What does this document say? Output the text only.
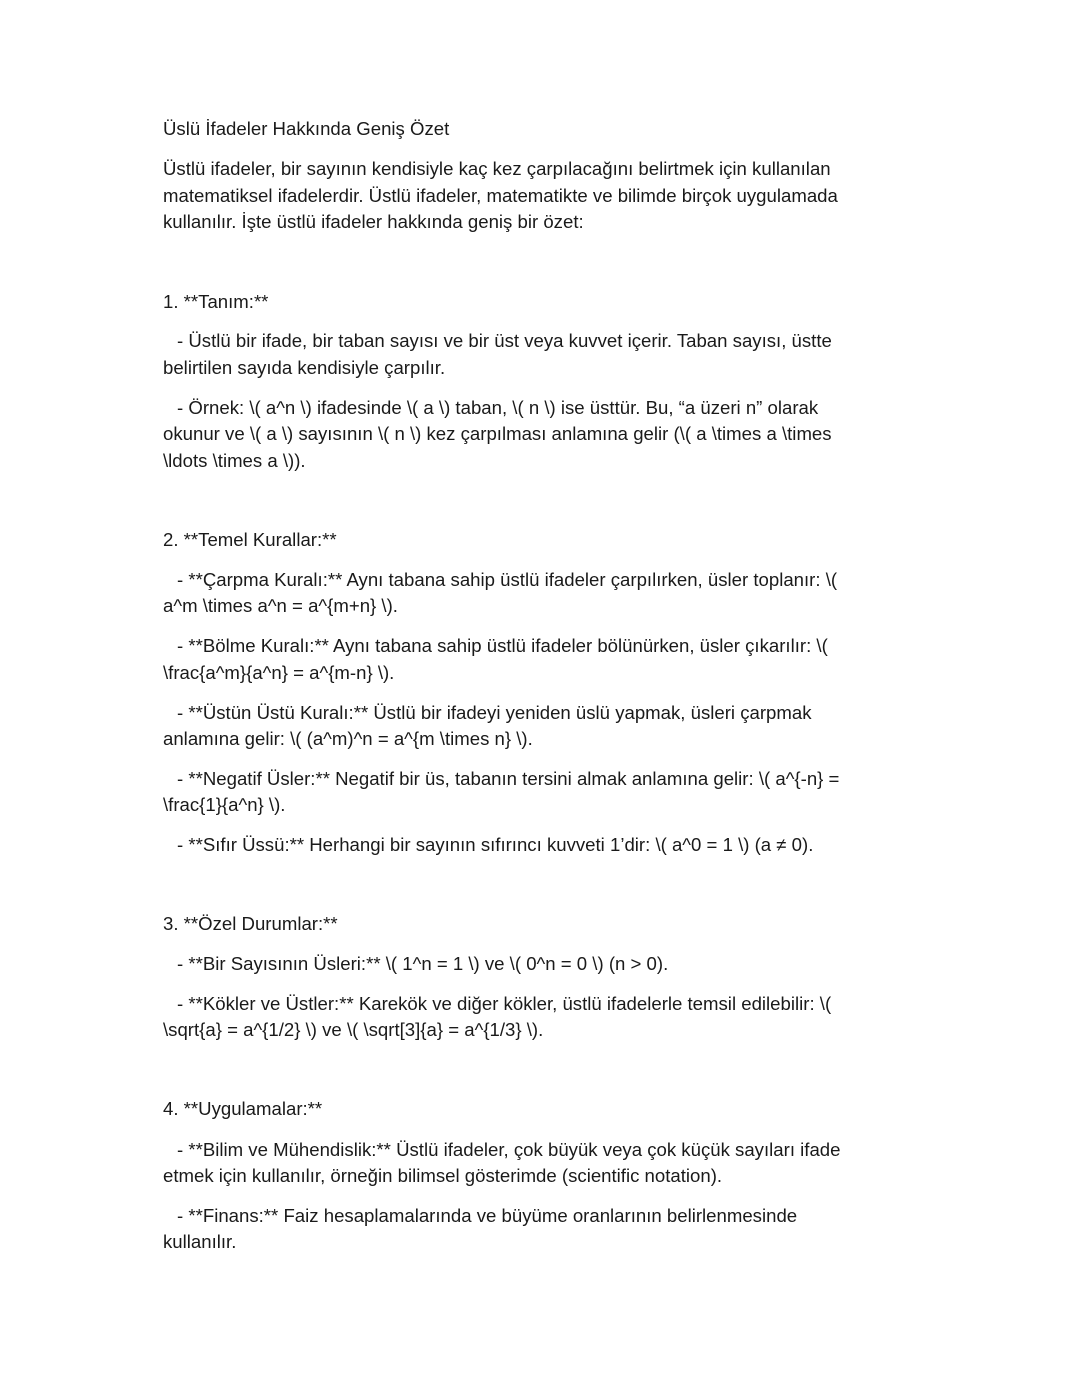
Üslü İfadeler Hakkında Geniş Özet
Üstlü ifadeler, bir sayının kendisiyle kaç kez çarpılacağını belirtmek için kullanılan
matematiksel ifadelerdir. Üstlü ifadeler, matematikte ve bilimde birçok uygulamada
kullanılır. İşte üstlü ifadeler hakkında geniş bir özet:
1. **Tanım:**
- Üstlü bir ifade, bir taban sayısı ve bir üst veya kuvvet içerir. Taban sayısı, üstte
belirtilen sayıda kendisiyle çarpılır.
- Örnek: \( a^n \) ifadesinde \( a \) taban, \( n \) ise üsttür. Bu, “a üzeri n” olarak
okunur ve \( a \) sayısının \( n \) kez çarpılması anlamına gelir (\( a \times a \times
\ldots \times a \)).
2. **Temel Kurallar:**
- **Çarpma Kuralı:** Aynı tabana sahip üstlü ifadeler çarpılırken, üsler toplanır: \(
a^m \times a^n = a^{m+n} \).
- **Bölme Kuralı:** Aynı tabana sahip üstlü ifadeler bölünürken, üsler çıkarılır: \(
\frac{a^m}{a^n} = a^{m-n} \).
- **Üstün Üstü Kuralı:** Üstlü bir ifadeyi yeniden üslü yapmak, üsleri çarpmak
anlamına gelir: \( (a^m)^n = a^{m \times n} \).
- **Negatif Üsler:** Negatif bir üs, tabanın tersini almak anlamına gelir: \( a^{-n} =
\frac{1}{a^n} \).
- **Sıfır Üssü:** Herhangi bir sayının sıfırıncı kuvveti 1’dir: \( a^0 = 1 \) (a ≠ 0).
3. **Özel Durumlar:**
- **Bir Sayısının Üsleri:** \( 1^n = 1 \) ve \( 0^n = 0 \) (n > 0).
- **Kökler ve Üstler:** Karekök ve diğer kökler, üstlü ifadelerle temsil edilebilir: \(
\sqrt{a} = a^{1/2} \) ve \( \sqrt[3]{a} = a^{1/3} \).
4. **Uygulamalar:**
- **Bilim ve Mühendislik:** Üstlü ifadeler, çok büyük veya çok küçük sayıları ifade
etmek için kullanılır, örneğin bilimsel gösterimde (scientific notation).
- **Finans:** Faiz hesaplamalarında ve büyüme oranlarının belirlenmesinde
kullanılır.
